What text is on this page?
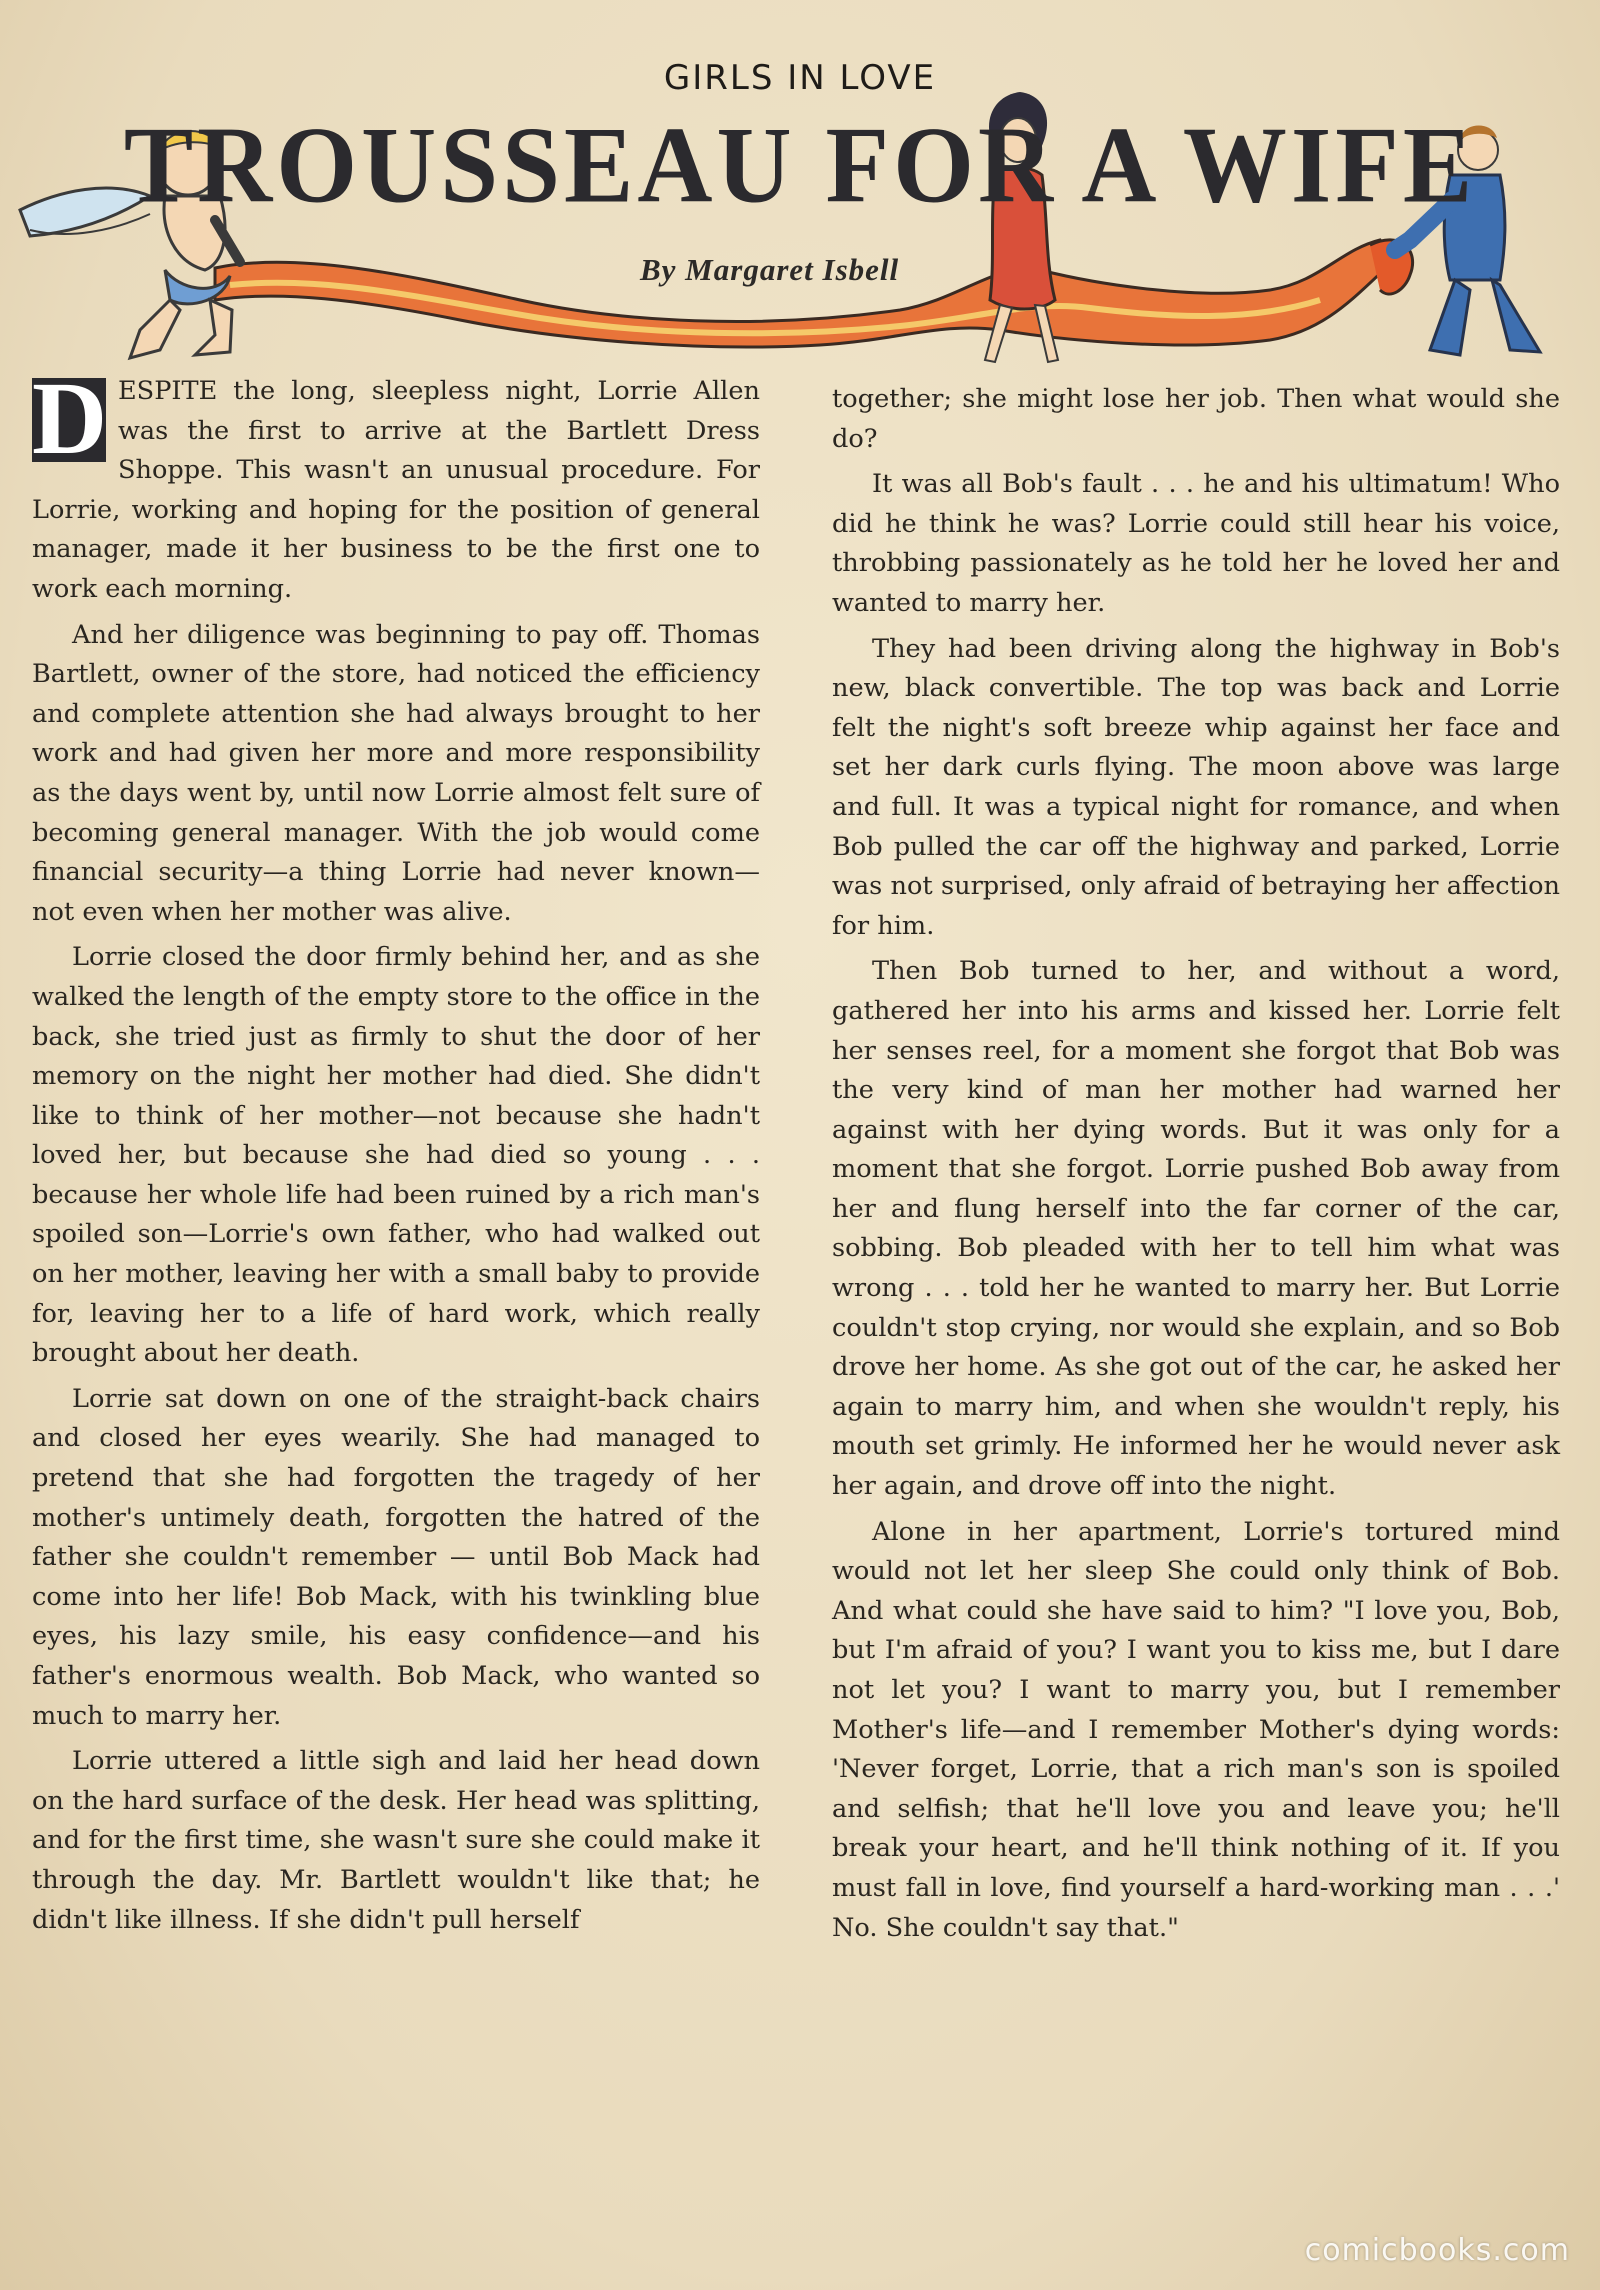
GIRLS IN LOVE
TROUSSEAU FOR A WIFE
By Margaret Isbell

D ESPITE the long, sleepless night, Lorrie Allen was the first to arrive at the Bartlett Dress Shoppe. This wasn't an unusual procedure. For Lorrie, working and hoping for the position of general manager, made it her business to be the first one to work each morning.

And her diligence was beginning to pay off. Thomas Bartlett, owner of the store, had noticed the efficiency and complete attention she had always brought to her work and had given her more and more responsibility as the days went by, until now Lorrie almost felt sure of becoming general manager. With the job would come financial security—a thing Lorrie had never known—not even when her mother was alive.

Lorrie closed the door firmly behind her, and as she walked the length of the empty store to the office in the back, she tried just as firmly to shut the door of her memory on the night her mother had died. She didn't like to think of her mother—not because she hadn't loved her, but because she had died so young . . . because her whole life had been ruined by a rich man's spoiled son—Lorrie's own father, who had walked out on her mother, leaving her with a small baby to provide for, leaving her to a life of hard work, which really brought about her death.

Lorrie sat down on one of the straight-back chairs and closed her eyes wearily. She had managed to pretend that she had forgotten the tragedy of her mother's untimely death, forgotten the hatred of the father she couldn't remember — until Bob Mack had come into her life! Bob Mack, with his twinkling blue eyes, his lazy smile, his easy confidence—and his father's enormous wealth. Bob Mack, who wanted so much to marry her.

Lorrie uttered a little sigh and laid her head down on the hard surface of the desk. Her head was splitting, and for the first time, she wasn't sure she could make it through the day. Mr. Bartlett wouldn't like that; he didn't like illness. If she didn't pull herself

together; she might lose her job. Then what would she do?

It was all Bob's fault . . . he and his ultimatum! Who did he think he was? Lorrie could still hear his voice, throbbing passionately as he told her he loved her and wanted to marry her.

They had been driving along the highway in Bob's new, black convertible. The top was back and Lorrie felt the night's soft breeze whip against her face and set her dark curls flying. The moon above was large and full. It was a typical night for romance, and when Bob pulled the car off the highway and parked, Lorrie was not surprised, only afraid of betraying her affection for him.

Then Bob turned to her, and without a word, gathered her into his arms and kissed her. Lorrie felt her senses reel, for a moment she forgot that Bob was the very kind of man her mother had warned her against with her dying words. But it was only for a moment that she forgot. Lorrie pushed Bob away from her and flung herself into the far corner of the car, sobbing. Bob pleaded with her to tell him what was wrong . . . told her he wanted to marry her. But Lorrie couldn't stop crying, nor would she explain, and so Bob drove her home. As she got out of the car, he asked her again to marry him, and when she wouldn't reply, his mouth set grimly. He informed her he would never ask her again, and drove off into the night.

Alone in her apartment, Lorrie's tortured mind would not let her sleep She could only think of Bob. And what could she have said to him? "I love you, Bob, but I'm afraid of you? I want you to kiss me, but I dare not let you? I want to marry you, but I remember Mother's life—and I remember Mother's dying words: 'Never forget, Lorrie, that a rich man's son is spoiled and selfish; that he'll love you and leave you; he'll break your heart, and he'll think nothing of it. If you must fall in love, find yourself a hard-working man . . .' No. She couldn't say that."

comicbooks.com
